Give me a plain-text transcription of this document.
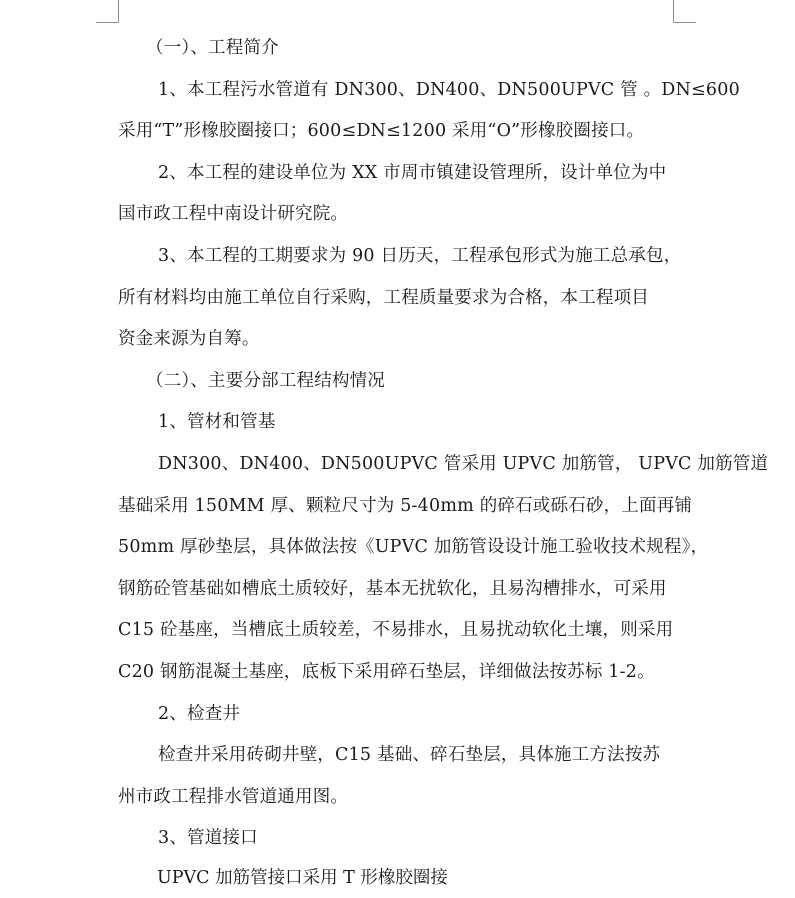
（一）、工程简介
1、本工程污水管道有 DN300、DN400、DN500UPVC 管 。DN≤600
采用“T”形橡胶圈接口；600≤DN≤1200 采用“O”形橡胶圈接口。
2、本工程的建设单位为 XX 市周市镇建设管理所，设计单位为中
国市政工程中南设计研究院。
3、本工程的工期要求为 90 日历天，工程承包形式为施工总承包，
所有材料均由施工单位自行采购，工程质量要求为合格，本工程项目
资金来源为自筹。
（二）、主要分部工程结构情况
1、管材和管基
DN300、DN400、DN500UPVC 管采用 UPVC 加筋管， UPVC 加筋管道
基础采用 150MM 厚、颗粒尺寸为 5-40mm 的碎石或砾石砂，上面再铺
50mm 厚砂垫层，具体做法按《UPVC 加筋管设设计施工验收技术规程》，
钢筋砼管基础如槽底土质较好，基本无扰软化，且易沟槽排水，可采用
C15 砼基座，当槽底土质较差，不易排水，且易扰动软化土壤，则采用
C20 钢筋混凝土基座，底板下采用碎石垫层，详细做法按苏标 1-2。
2、检查井
检查井采用砖砌井壁，C15 基础、碎石垫层，具体施工方法按苏
州市政工程排水管道通用图。
3、管道接口
UPVC 加筋管接口采用 T 形橡胶圈接
